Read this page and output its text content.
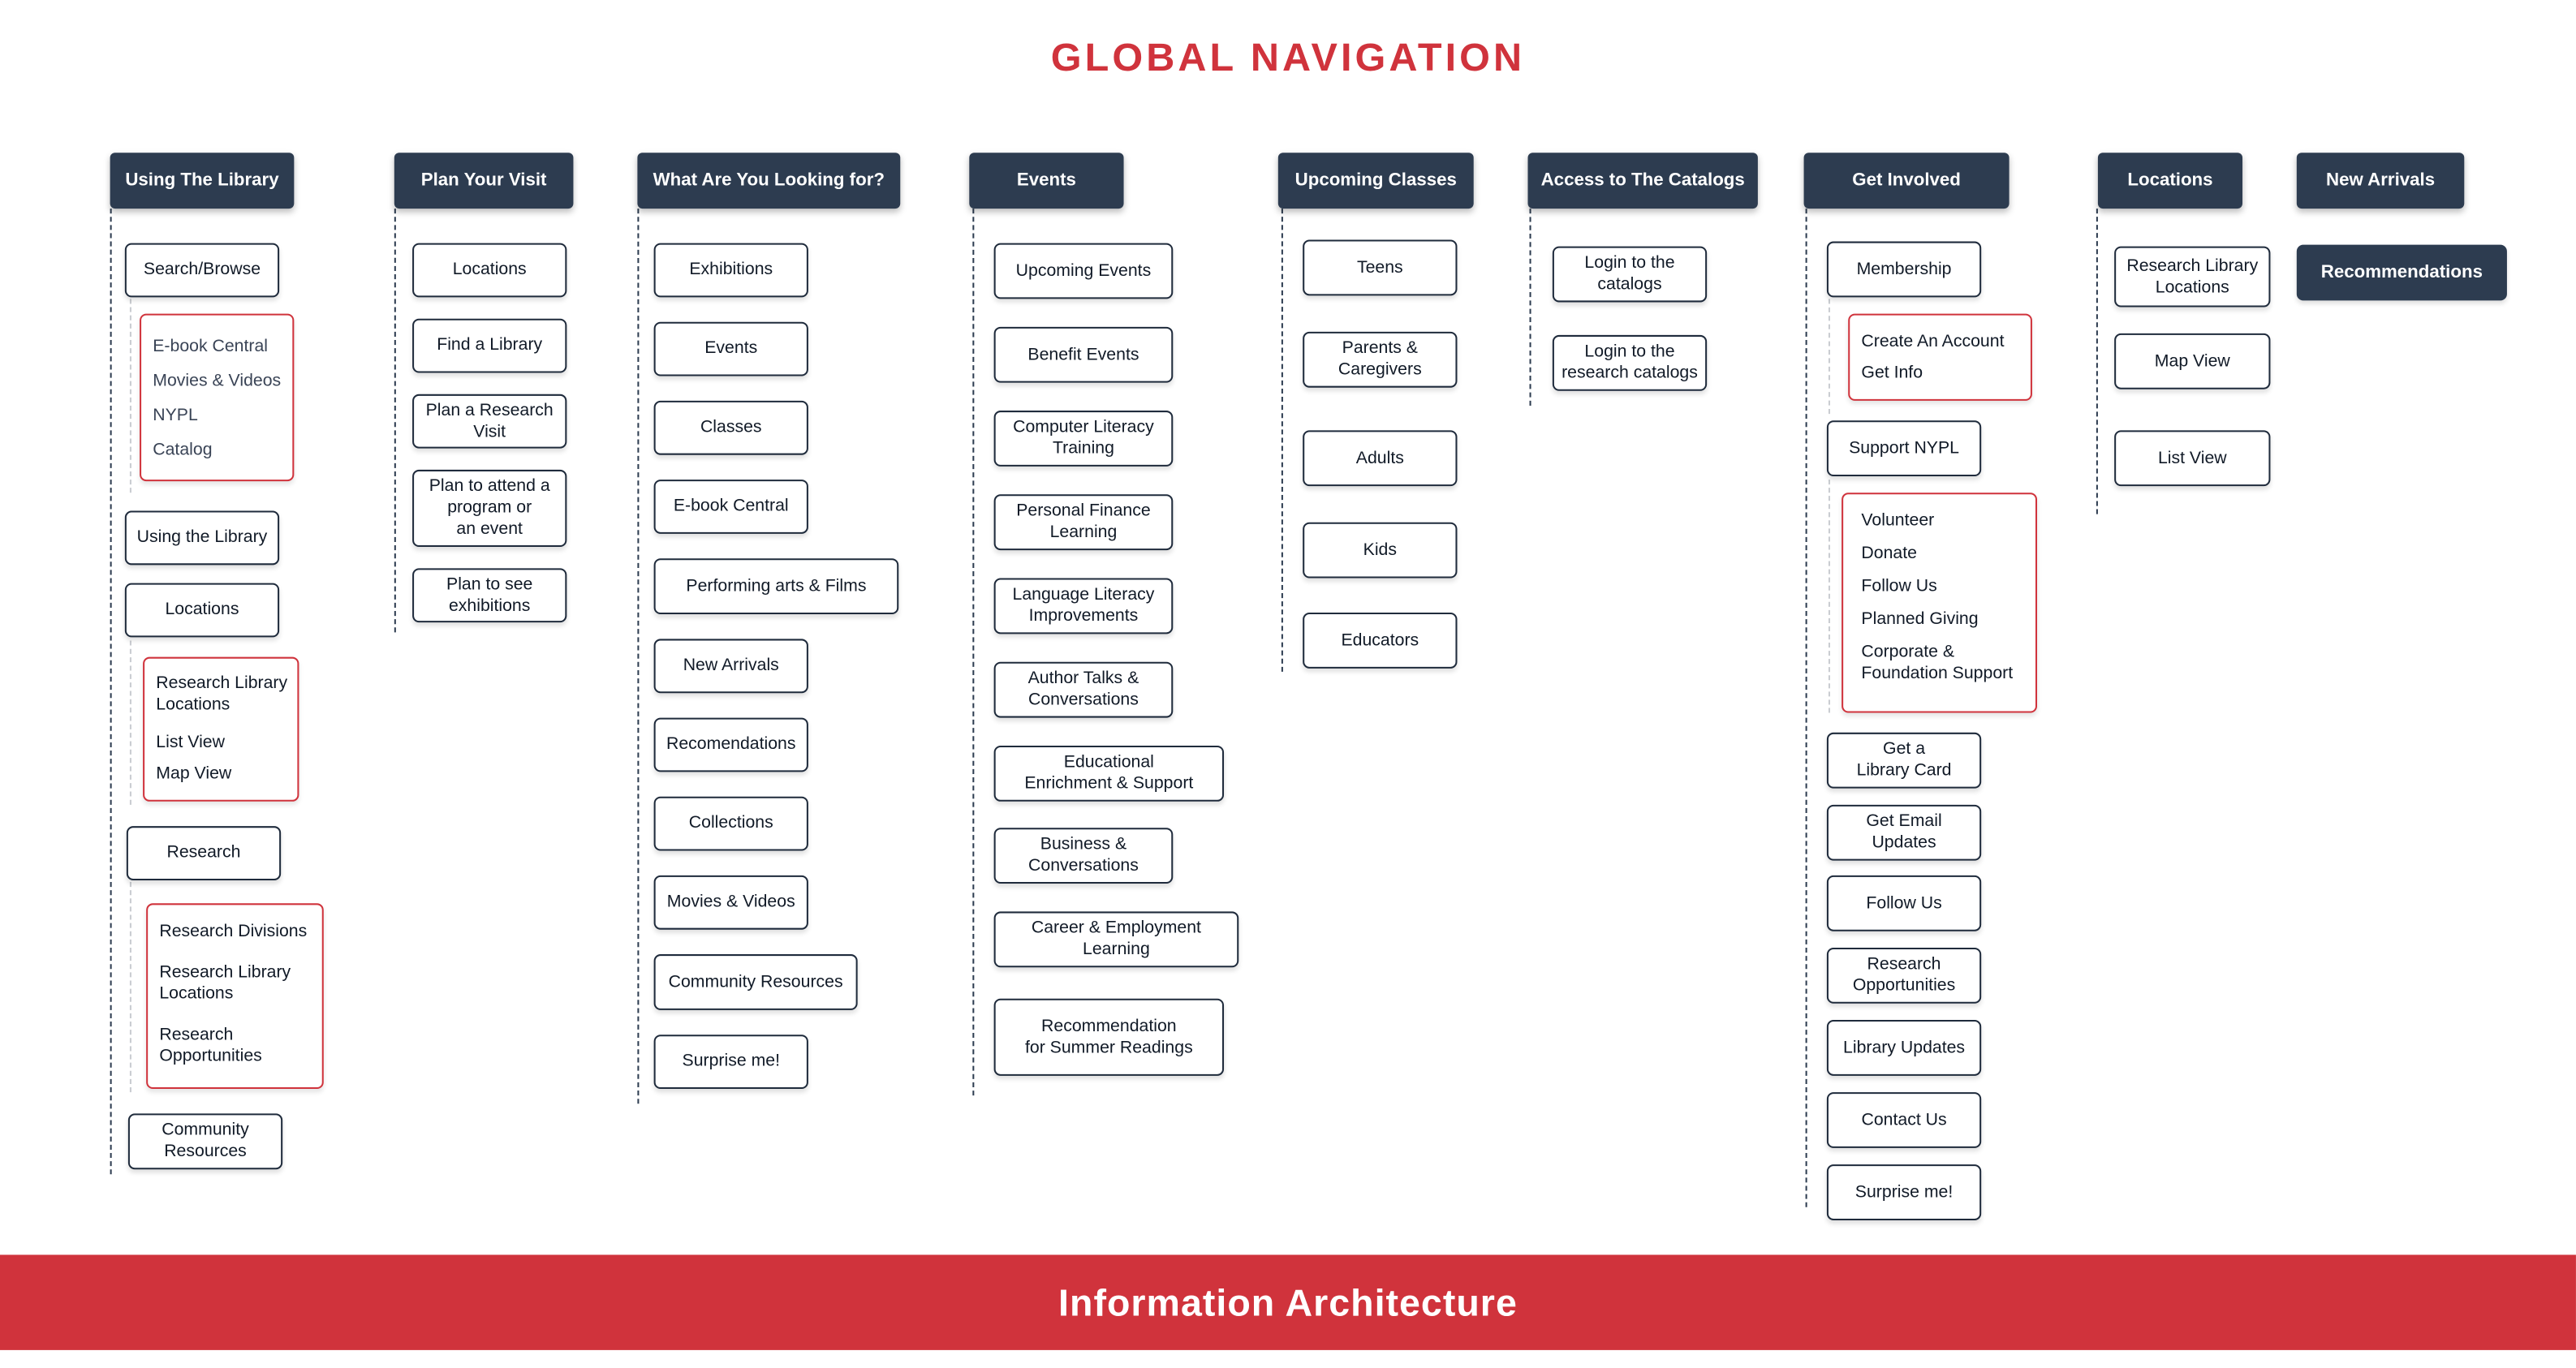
GLOBAL NAVIGATION
Using The Library
Search/Browse
E-book Central
Movies & Videos
NYPL
Catalog
Using the Library
Locations
Research Library
Locations
List View
Map View
Research
Research Divisions
Research Library
Locations
Research
Opportunities
Community
Resources
Plan Your Visit
Locations
Find a Library
Plan a Research
Visit
Plan to attend a
program or
an event
Plan to see
exhibitions
What Are You Looking for?
Exhibitions
Events
Classes
E-book Central
Performing arts & Films
New Arrivals
Recomendations
Collections
Movies & Videos
Community Resources
Surprise me!
Events
Upcoming Events
Benefit Events
Computer Literacy
Training
Personal Finance
Learning
Language Literacy
Improvements
Author Talks &
Conversations
Educational
Enrichment & Support
Business &
Conversations
Career & Employment
Learning
Recommendation
for Summer Readings
Upcoming Classes
Teens
Parents &
Caregivers
Adults
Kids
Educators
Access to The Catalogs
Login to the
catalogs
Login to the
research catalogs
Get Involved
Membership
Create An Account
Get Info
Support NYPL
Volunteer
Donate
Follow Us
Planned Giving
Corporate &
Foundation Support
Get a
Library Card
Get Email
Updates
Follow Us
Research
Opportunities
Library Updates
Contact Us
Surprise me!
Locations
Research Library
Locations
Map View
List View
New Arrivals
Recommendations
Information Architecture
